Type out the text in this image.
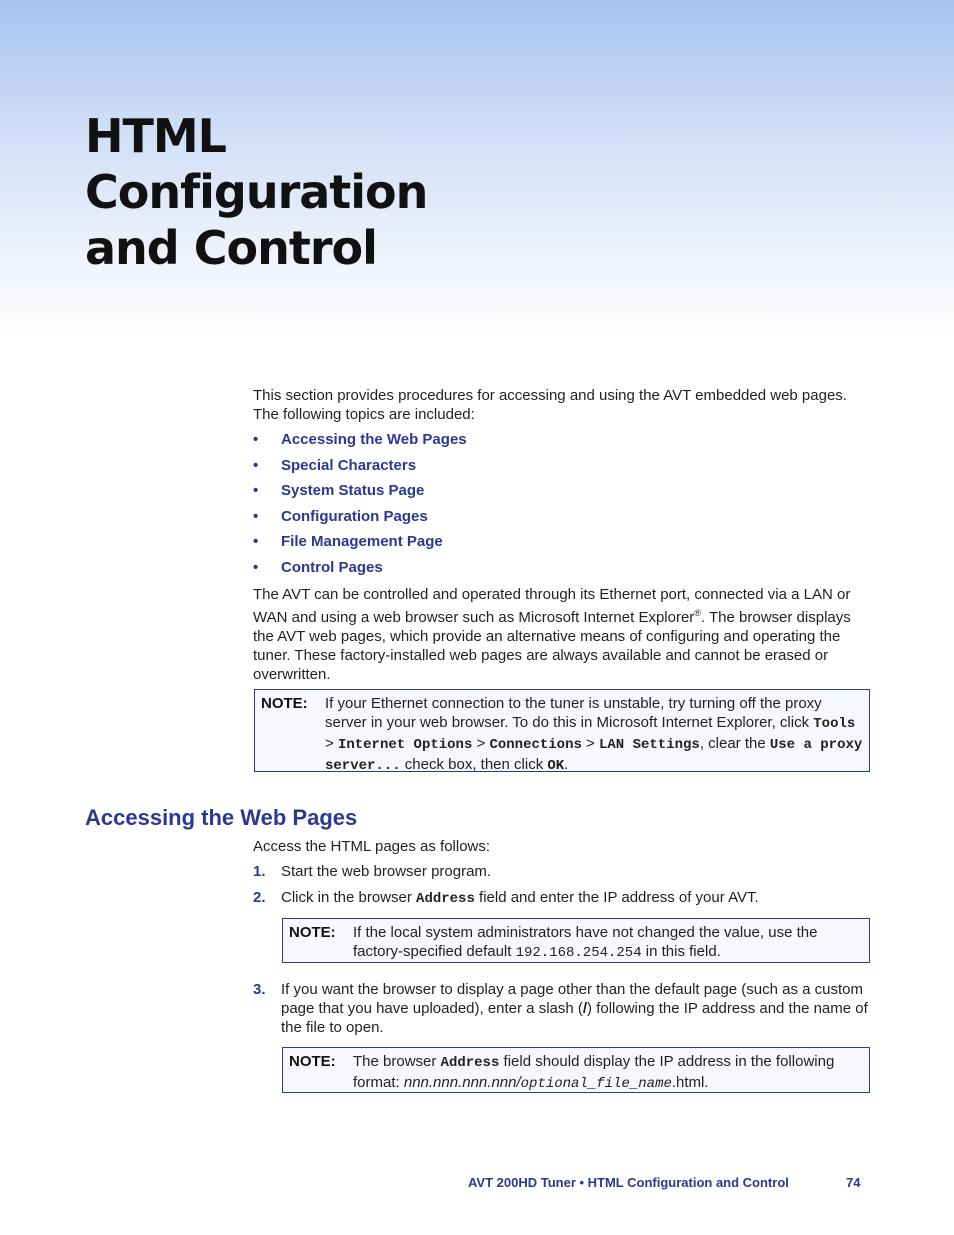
HTML
Configuration
and Control

This section provides procedures for accessing and using the AVT embedded web pages. The following topics are included:

• Accessing the Web Pages
• Special Characters
• System Status Page
• Configuration Pages
• File Management Page
• Control Pages

The AVT can be controlled and operated through its Ethernet port, connected via a LAN or WAN and using a web browser such as Microsoft Internet Explorer®. The browser displays the AVT web pages, which provide an alternative means of configuring and operating the tuner. These factory-installed web pages are always available and cannot be erased or overwritten.

NOTE: If your Ethernet connection to the tuner is unstable, try turning off the proxy server in your web browser. To do this in Microsoft Internet Explorer, click Tools > Internet Options > Connections > LAN Settings, clear the Use a proxy server... check box, then click OK.
Accessing the Web Pages

Access the HTML pages as follows:

1. Start the web browser program.
2. Click in the browser Address field and enter the IP address of your AVT.
NOTE: If the local system administrators have not changed the value, use the factory-specified default 192.168.254.254 in this field.
3. If you want the browser to display a page other than the default page (such as a custom page that you have uploaded), enter a slash (/) following the IP address and the name of the file to open.
NOTE: The browser Address field should display the IP address in the following format: nnn.nnn.nnn.nnn/optional_file_name.html.
AVT 200HD Tuner • HTML Configuration and Control	74
